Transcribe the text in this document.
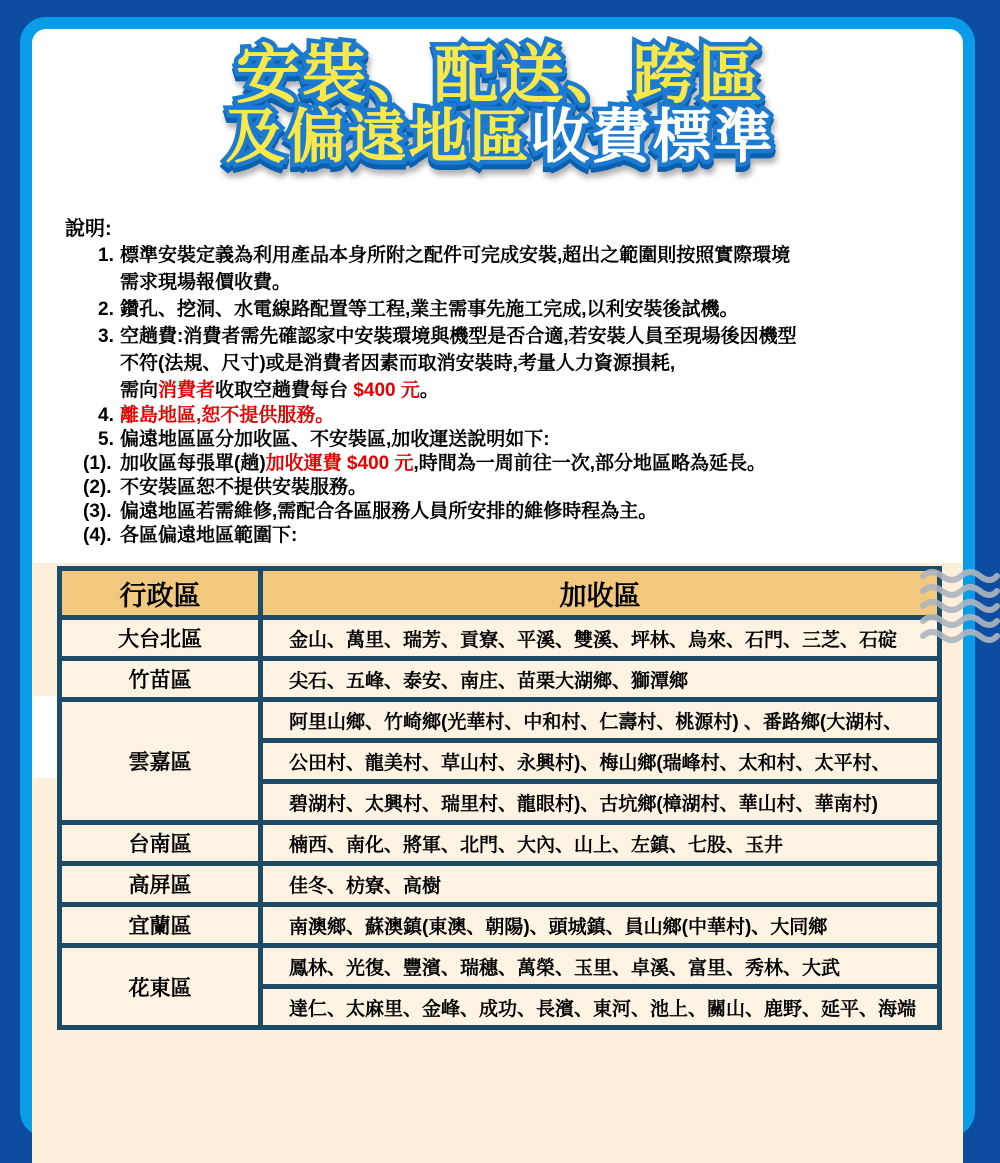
安裝、配送、跨區
及偏遠地區收費標準
說明:
1. 標準安裝定義為利用產品本身所附之配件可完成安裝,超出之範圍則按照實際環境
需求現場報價收費。
2. 鑽孔、挖洞、水電線路配置等工程,業主需事先施工完成,以利安裝後試機。
3. 空趟費:消費者需先確認家中安裝環境與機型是否合適,若安裝人員至現場後因機型
不符(法規、尺寸)或是消費者因素而取消安裝時,考量人力資源損耗,
需向消費者收取空趟費每台 $400 元。
4. 離島地區,恕不提供服務。
5. 偏遠地區區分加收區、不安裝區,加收運送說明如下:
(1). 加收區每張單(趟)加收運費 $400 元,時間為一周前往一次,部分地區略為延長。
(2). 不安裝區恕不提供安裝服務。
(3). 偏遠地區若需維修,需配合各區服務人員所安排的維修時程為主。
(4). 各區偏遠地區範圍下:
行政區	加收區
大台北區	金山、萬里、瑞芳、貢寮、平溪、雙溪、坪林、烏來、石門、三芝、石碇
竹苗區	尖石、五峰、泰安、南庄、苗栗大湖鄉、獅潭鄉
雲嘉區	阿里山鄉、竹崎鄉(光華村、中和村、仁壽村、桃源村) 、番路鄉(大湖村、
	公田村、龍美村、草山村、永興村)、梅山鄉(瑞峰村、太和村、太平村、
	碧湖村、太興村、瑞里村、龍眼村)、古坑鄉(樟湖村、華山村、華南村)
台南區	楠西、南化、將軍、北門、大內、山上、左鎮、七股、玉井
高屏區	佳冬、枋寮、高樹
宜蘭區	南澳鄉、蘇澳鎮(東澳、朝陽)、頭城鎮、員山鄉(中華村)、大同鄉
花東區	鳳林、光復、豐濱、瑞穗、萬榮、玉里、卓溪、富里、秀林、大武
	達仁、太麻里、金峰、成功、長濱、東河、池上、關山、鹿野、延平、海端
